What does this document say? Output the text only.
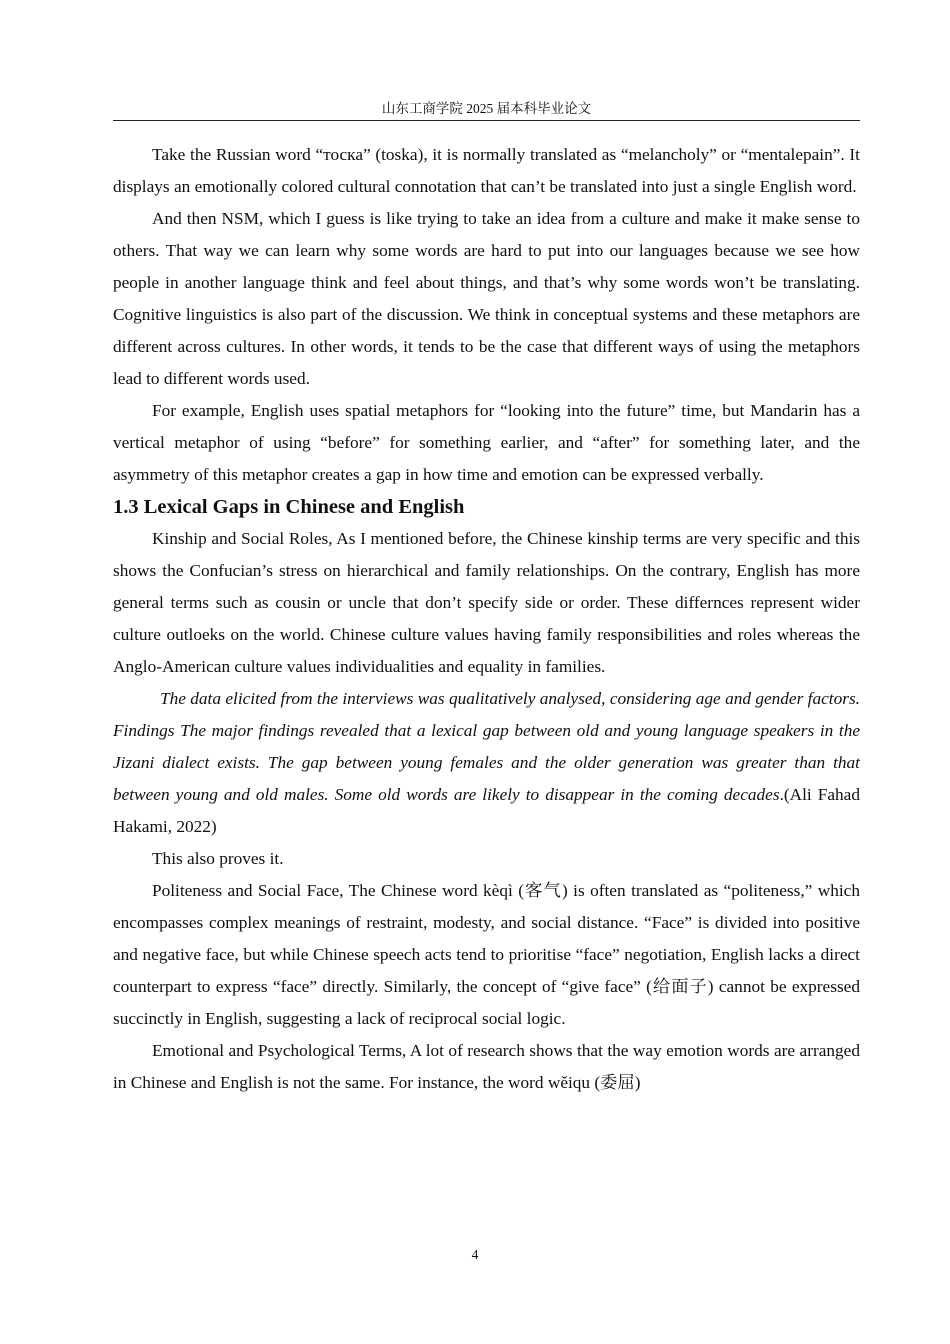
山东工商学院 2025 届本科毕业论文

Take the Russian word “тоска” (toska), it is normally translated as “melancholy” or “mentalepain”. It displays an emotionally colored cultural connotation that can’t be translated into just a single English word.

And then NSM, which I guess is like trying to take an idea from a culture and make it make sense to others. That way we can learn why some words are hard to put into our languages because we see how people in another language think and feel about things, and that’s why some words won’t be translating. Cognitive linguistics is also part of the discussion. We think in conceptual systems and these metaphors are different across cultures. In other words, it tends to be the case that different ways of using the metaphors lead to different words used.

For example, English uses spatial metaphors for “looking into the future” time, but Mandarin has a vertical metaphor of using “before” for something earlier, and “after” for something later, and the asymmetry of this metaphor creates a gap in how time and emotion can be expressed verbally.

1.3 Lexical Gaps in Chinese and English

Kinship and Social Roles, As I mentioned before, the Chinese kinship terms are very specific and this shows the Confucian’s stress on hierarchical and family relationships. On the contrary, English has more general terms such as cousin or uncle that don’t specify side or order. These differnces represent wider culture outloeks on the world. Chinese culture values having family responsibilities and roles whereas the Anglo-American culture values individualities and equality in families.

The data elicited from the interviews was qualitatively analysed, considering age and gender factors. Findings The major findings revealed that a lexical gap between old and young language speakers in the Jizani dialect exists. The gap between young females and the older generation was greater than that between young and old males. Some old words are likely to disappear in the coming decades.(Ali Fahad Hakami, 2022)

This also proves it.

Politeness and Social Face, The Chinese word kèqì (客气) is often translated as “politeness,” which encompasses complex meanings of restraint, modesty, and social distance. “Face” is divided into positive and negative face, but while Chinese speech acts tend to prioritise “face” negotiation, English lacks a direct counterpart to express “face” directly. Similarly, the concept of “give face” (给面子) cannot be expressed succinctly in English, suggesting a lack of reciprocal social logic.

Emotional and Psychological Terms, A lot of research shows that the way emotion words are arranged in Chinese and English is not the same. For instance, the word wěiqu (委屈)

4
